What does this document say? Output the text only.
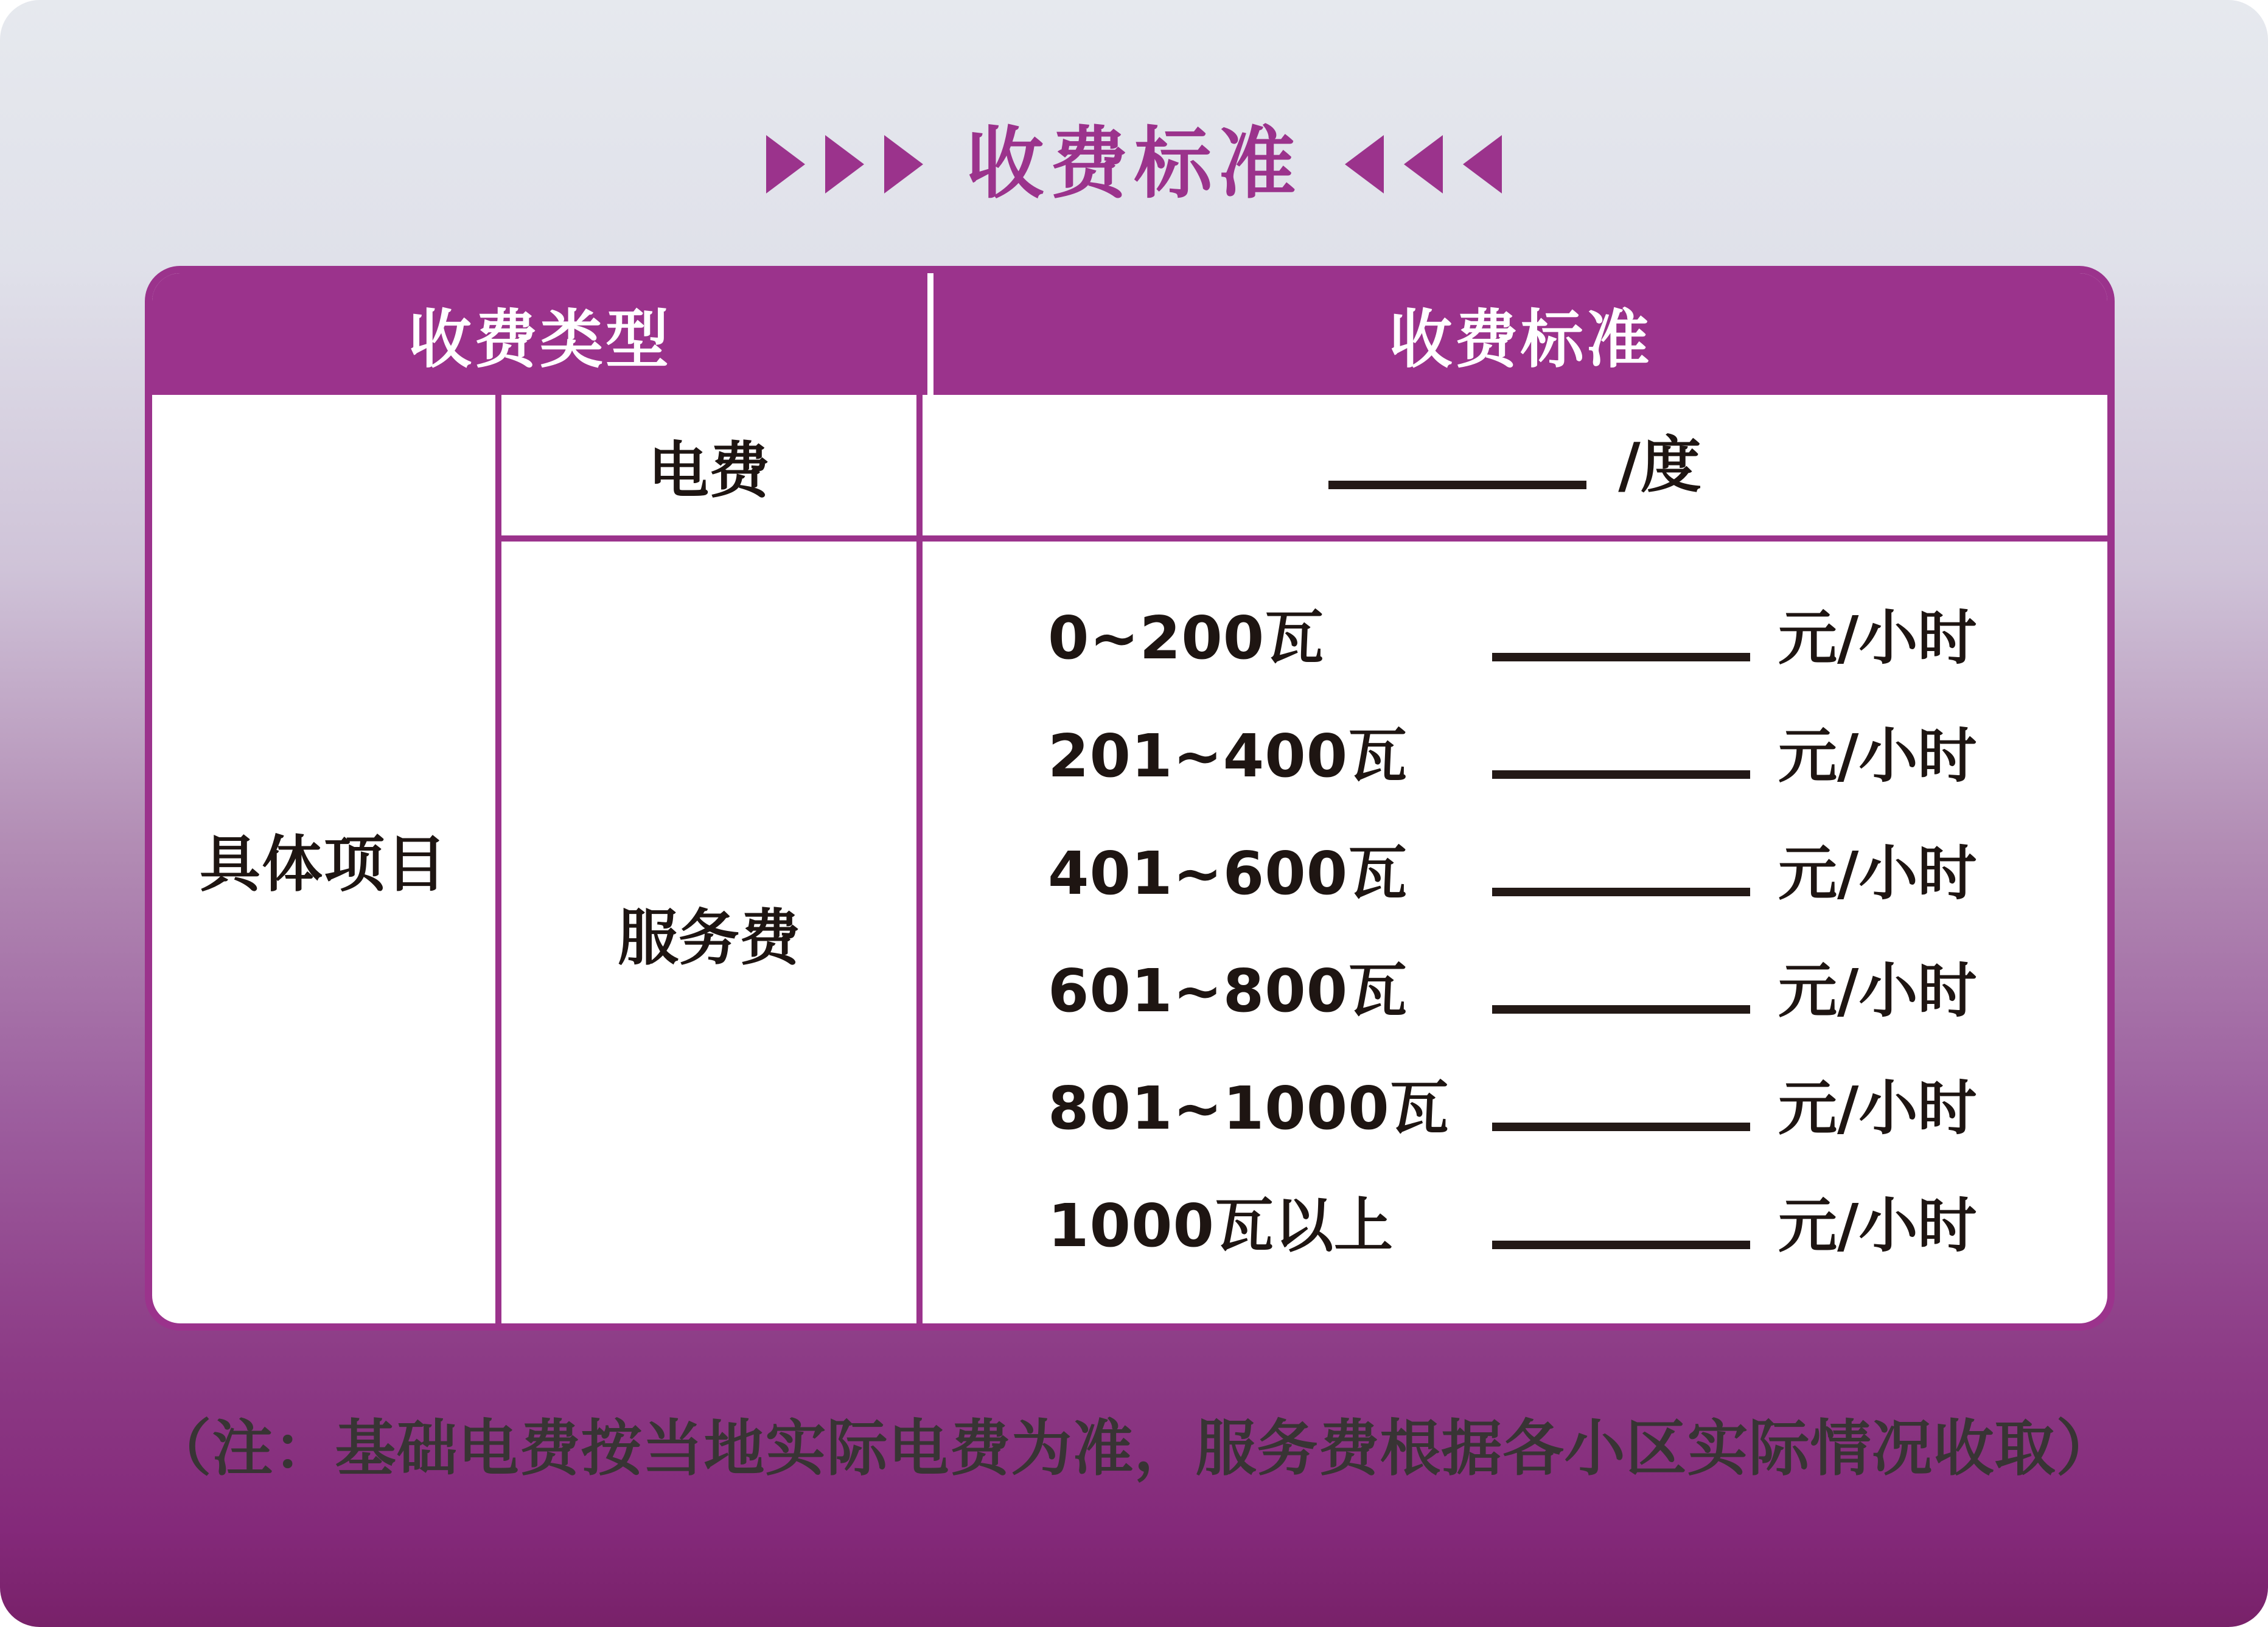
收费标准
收费类型	收费标准
具体项目
电费	/度
服务费
0~200瓦	元/小时
201~400瓦	元/小时
401~600瓦	元/小时
601~800瓦	元/小时
801~1000瓦	元/小时
1000瓦以上	元/小时
（注：基础电费按当地实际电费为准，服务费根据各小区实际情况收取）
